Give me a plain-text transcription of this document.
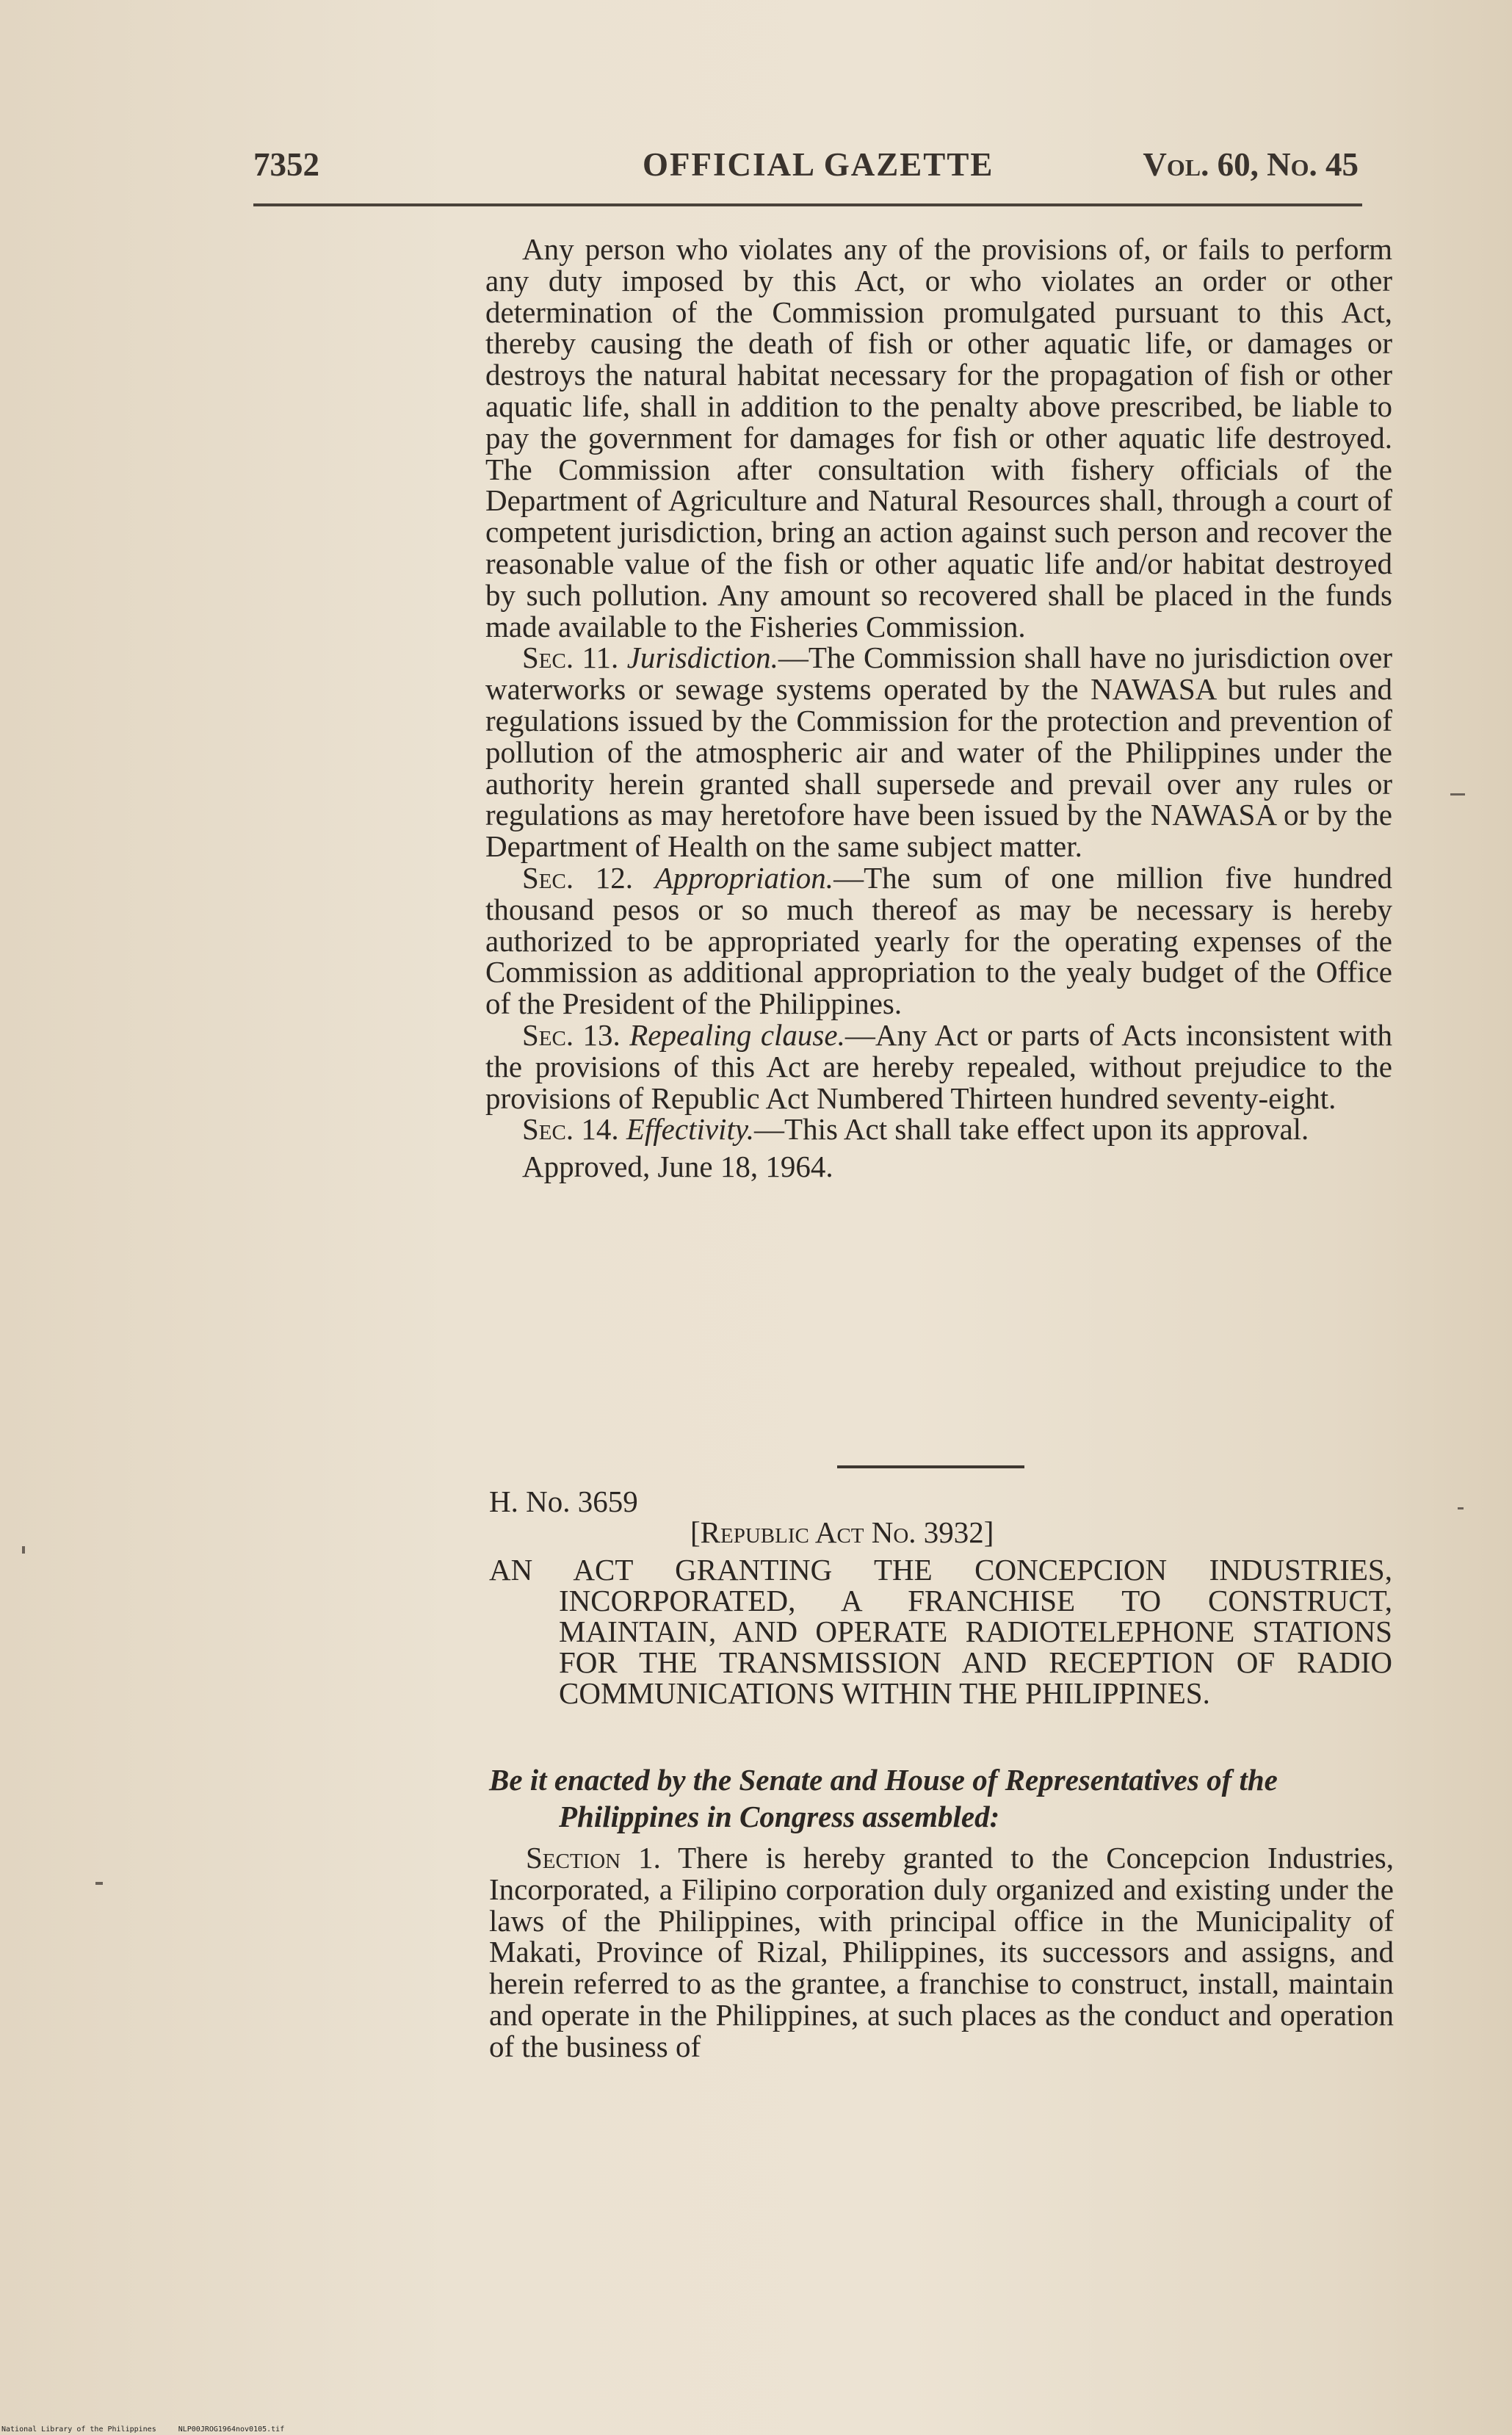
7352	OFFICIAL GAZETTE	Vol. 60, No. 45

Any person who violates any of the provisions of, or fails to perform any duty imposed by this Act, or who violates an order or other determination of the Commission promulgated pursuant to this Act, thereby causing the death of fish or other aquatic life, or damages or destroys the natural habitat necessary for the propagation of fish or other aquatic life, shall in addition to the penalty above prescribed, be liable to pay the government for damages for fish or other aquatic life destroyed. The Commission after consultation with fishery officials of the Department of Agriculture and Natural Resources shall, through a court of competent jurisdiction, bring an action against such person and recover the reasonable value of the fish or other aquatic life and/or habitat destroyed by such pollution. Any amount so recovered shall be placed in the funds made available to the Fisheries Commission.

Sec. 11. Jurisdiction.—The Commission shall have no jurisdiction over waterworks or sewage systems operated by the NAWASA but rules and regulations issued by the Commission for the protection and prevention of pollution of the atmospheric air and water of the Philippines under the authority herein granted shall supersede and prevail over any rules or regulations as may heretofore have been issued by the NAWASA or by the Department of Health on the same subject matter.

Sec. 12. Appropriation.—The sum of one million five hundred thousand pesos or so much thereof as may be necessary is hereby authorized to be appropriated yearly for the operating expenses of the Commission as additional appropriation to the yealy budget of the Office of the President of the Philippines.

Sec. 13. Repealing clause.—Any Act or parts of Acts inconsistent with the provisions of this Act are hereby repealed, without prejudice to the provisions of Republic Act Numbered Thirteen hundred seventy-eight.

Sec. 14. Effectivity.—This Act shall take effect upon its approval.

Approved, June 18, 1964.

H. No. 3659
[Republic Act No. 3932]
AN ACT GRANTING THE CONCEPCION INDUSTRIES, INCORPORATED, A FRANCHISE TO CONSTRUCT, MAINTAIN, AND OPERATE RADIOTELEPHONE STATIONS FOR THE TRANSMISSION AND RECEPTION OF RADIO COMMUNICATIONS WITHIN THE PHILIPPINES.
Be it enacted by the Senate and House of Representatives of the Philippines in Congress assembled:
Section 1. There is hereby granted to the Concepcion Industries, Incorporated, a Filipino corporation duly organized and existing under the laws of the Philippines, with principal office in the Municipality of Makati, Province of Rizal, Philippines, its successors and assigns, and herein referred to as the grantee, a franchise to construct, install, maintain and operate in the Philippines, at such places as the conduct and operation of the business of
National Library of the Philippines	NLP00JROG1964nov0105.tif
